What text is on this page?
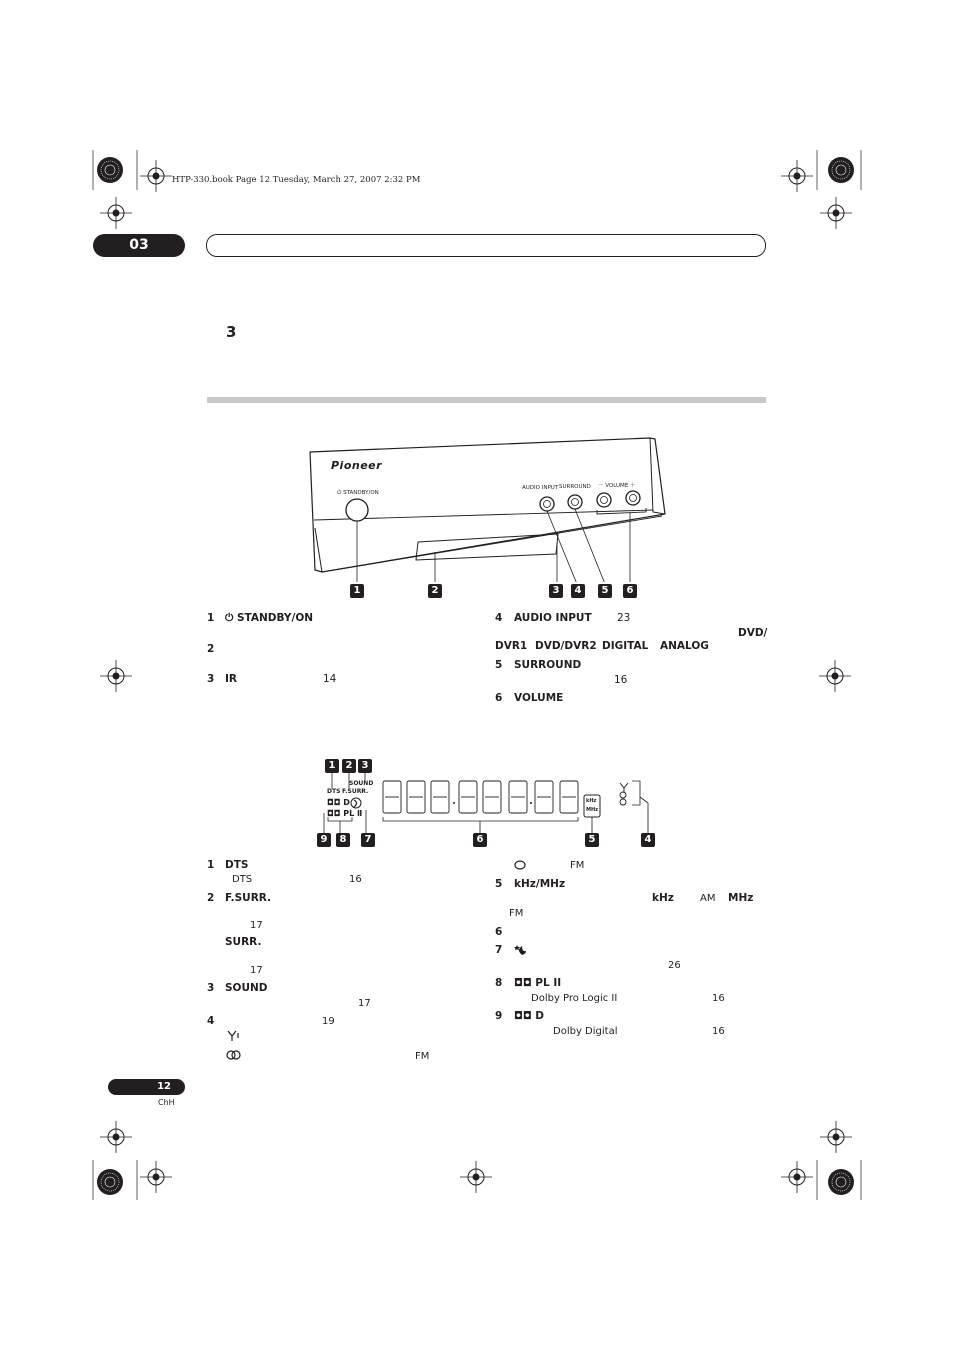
HTP-330.book Page 12 Tuesday, March 27, 2007 2:32 PM
03
3
Pioneer
⏻ STANDBY/ON
AUDIO INPUT SURROUND － VOLUME ＋
1	2	3	4	5	6
1 ⏻ STANDBY/ON
2
3 IR	14
4 AUDIO INPUT 23
DVD/
DVR1 DVD/DVR2 DIGITAL ANALOG
5 SURROUND
16
6 VOLUME
1	2 3
SOUND
DTS F.SURR.
◘◘ D
◘◘ PL Ⅱ
kHz
MHz
9	8	7	6	5	4
1 DTS
DTS	16
2 F.SURR.
17
SURR.
17
3 SOUND
17
4	19
FM
FM
5 kHz/MHz
kHz	AM MHz
FM
6
7
26
8 ◘◘ PL II
Dolby Pro Logic II	16
9 ◘◘ D
Dolby Digital	16
12
ChH
